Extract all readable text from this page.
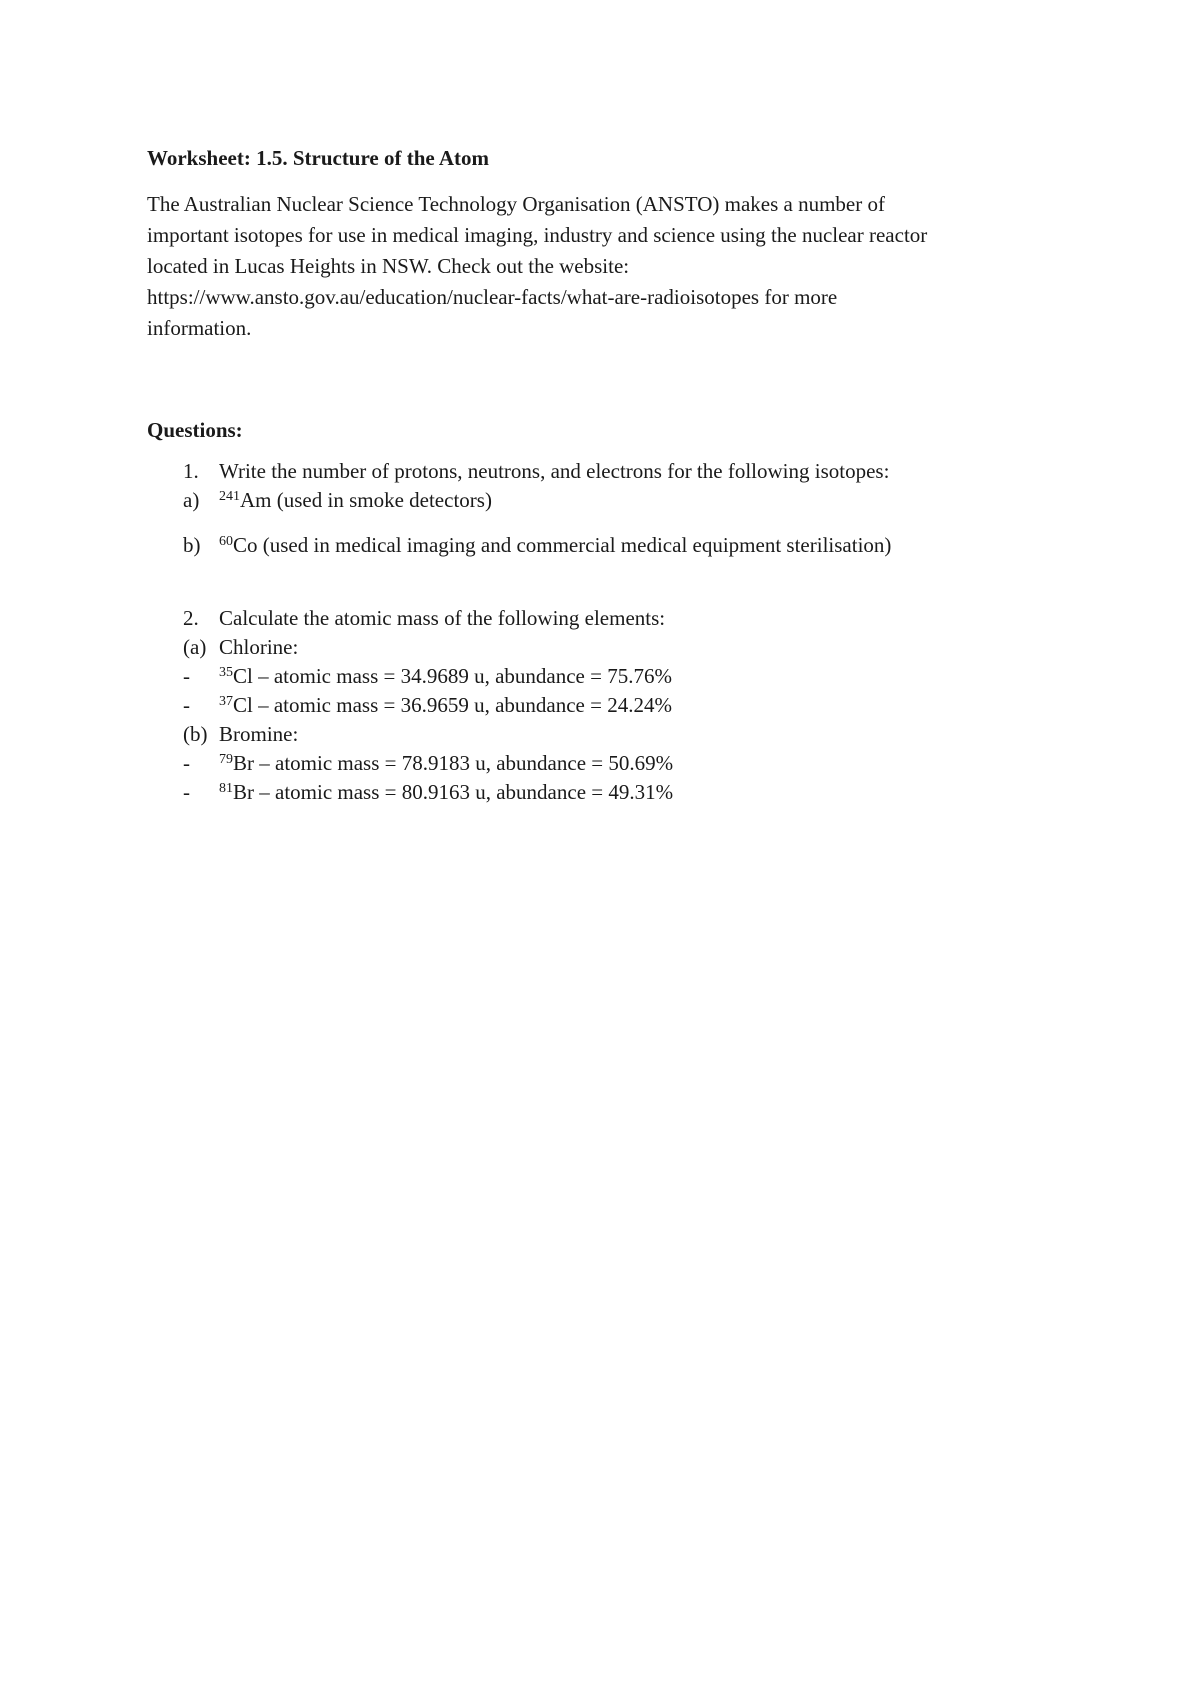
Worksheet: 1.5. Structure of the Atom

The Australian Nuclear Science Technology Organisation (ANSTO) makes a number of
important isotopes for use in medical imaging, industry and science using the nuclear reactor
located in Lucas Heights in NSW. Check out the website:
https://www.ansto.gov.au/education/nuclear-facts/what-are-radioisotopes for more
information.

Questions:
1. Write the number of protons, neutrons, and electrons for the following isotopes:
a)	$^{241}$Am (used in smoke detectors)
b)	$^{60}$Co (used in medical imaging and commercial medical equipment sterilisation)
2. Calculate the atomic mass of the following elements:
(a) Chlorine:
-	$^{35}$Cl – atomic mass = 34.9689 u, abundance = 75.76%
-	$^{37}$Cl – atomic mass = 36.9659 u, abundance = 24.24%
(b) Bromine:
-	$^{79}$Br – atomic mass = 78.9183 u, abundance = 50.69%
-	$^{81}$Br – atomic mass = 80.9163 u, abundance = 49.31%
